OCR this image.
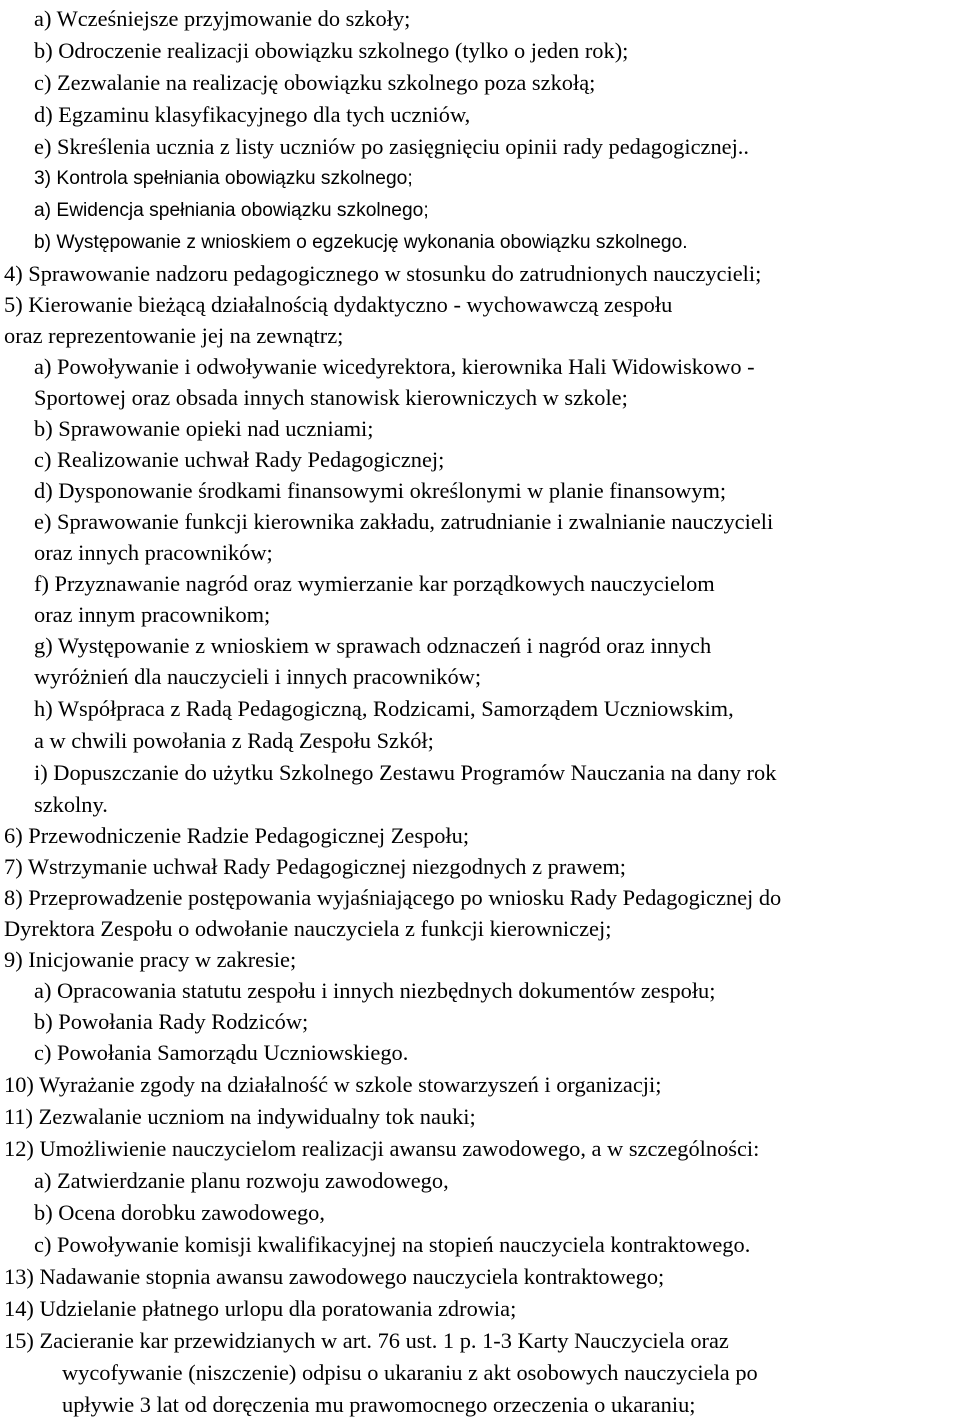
a) Wcześniejsze przyjmowanie do szkoły;
b) Odroczenie realizacji obowiązku szkolnego (tylko o jeden rok);
c) Zezwalanie na realizację obowiązku szkolnego poza szkołą;
d) Egzaminu klasyfikacyjnego dla tych uczniów,
e) Skreślenia ucznia z listy uczniów po zasięgnięciu opinii rady pedagogicznej..
3) Kontrola spełniania obowiązku szkolnego;
a) Ewidencja spełniania obowiązku szkolnego;
b) Występowanie z wnioskiem o egzekucję wykonania obowiązku szkolnego.
4) Sprawowanie nadzoru pedagogicznego w stosunku do zatrudnionych nauczycieli;
5) Kierowanie bieżącą działalnością dydaktyczno - wychowawczą zespołu
oraz reprezentowanie jej na zewnątrz;
a) Powoływanie i odwoływanie wicedyrektora, kierownika Hali Widowiskowo -
Sportowej oraz obsada innych stanowisk kierowniczych w szkole;
b) Sprawowanie opieki nad uczniami;
c) Realizowanie uchwał Rady Pedagogicznej;
d) Dysponowanie środkami finansowymi określonymi w planie finansowym;
e) Sprawowanie funkcji kierownika zakładu, zatrudnianie i zwalnianie nauczycieli
oraz innych pracowników;
f) Przyznawanie nagród oraz wymierzanie kar porządkowych nauczycielom
oraz innym pracownikom;
g) Występowanie z wnioskiem w sprawach odznaczeń i nagród oraz innych
wyróżnień dla nauczycieli i innych pracowników;
h) Współpraca z Radą Pedagogiczną, Rodzicami, Samorządem Uczniowskim,
a w chwili powołania z Radą Zespołu Szkół;
i) Dopuszczanie do użytku Szkolnego Zestawu Programów Nauczania na dany rok
szkolny.
6) Przewodniczenie Radzie Pedagogicznej Zespołu;
7) Wstrzymanie uchwał Rady Pedagogicznej niezgodnych z prawem;
8) Przeprowadzenie postępowania wyjaśniającego po wniosku Rady Pedagogicznej do
Dyrektora Zespołu o odwołanie nauczyciela z funkcji kierowniczej;
9) Inicjowanie pracy w zakresie;
a) Opracowania statutu zespołu i innych niezbędnych dokumentów zespołu;
b) Powołania Rady Rodziców;
c) Powołania Samorządu Uczniowskiego.
10) Wyrażanie zgody na działalność w szkole stowarzyszeń i organizacji;
11) Zezwalanie uczniom na indywidualny tok nauki;
12) Umożliwienie nauczycielom realizacji awansu zawodowego, a w szczególności:
a) Zatwierdzanie planu rozwoju zawodowego,
b) Ocena dorobku zawodowego,
c) Powoływanie komisji kwalifikacyjnej na stopień nauczyciela kontraktowego.
13) Nadawanie stopnia awansu zawodowego nauczyciela kontraktowego;
14) Udzielanie płatnego urlopu dla poratowania zdrowia;
15) Zacieranie kar przewidzianych w art. 76 ust. 1 p. 1-3 Karty Nauczyciela oraz
wycofywanie (niszczenie) odpisu o ukaraniu z akt osobowych nauczyciela po
upływie 3 lat od doręczenia mu prawomocnego orzeczenia o ukaraniu;
